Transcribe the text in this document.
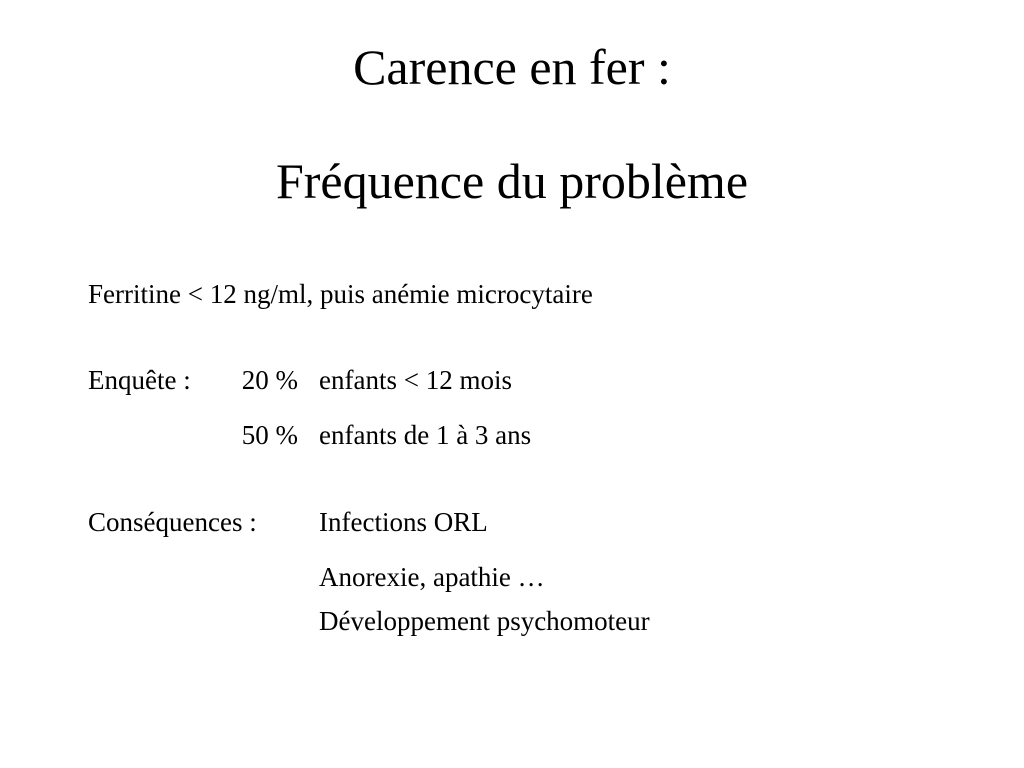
Carence en fer :
Fréquence du problème
Ferritine < 12 ng/ml, puis anémie microcytaire
Enquête :	20 % enfants < 12 mois
50 % enfants de 1 à 3 ans
Conséquences : Infections ORL
Anorexie, apathie …
Développement psychomoteur
